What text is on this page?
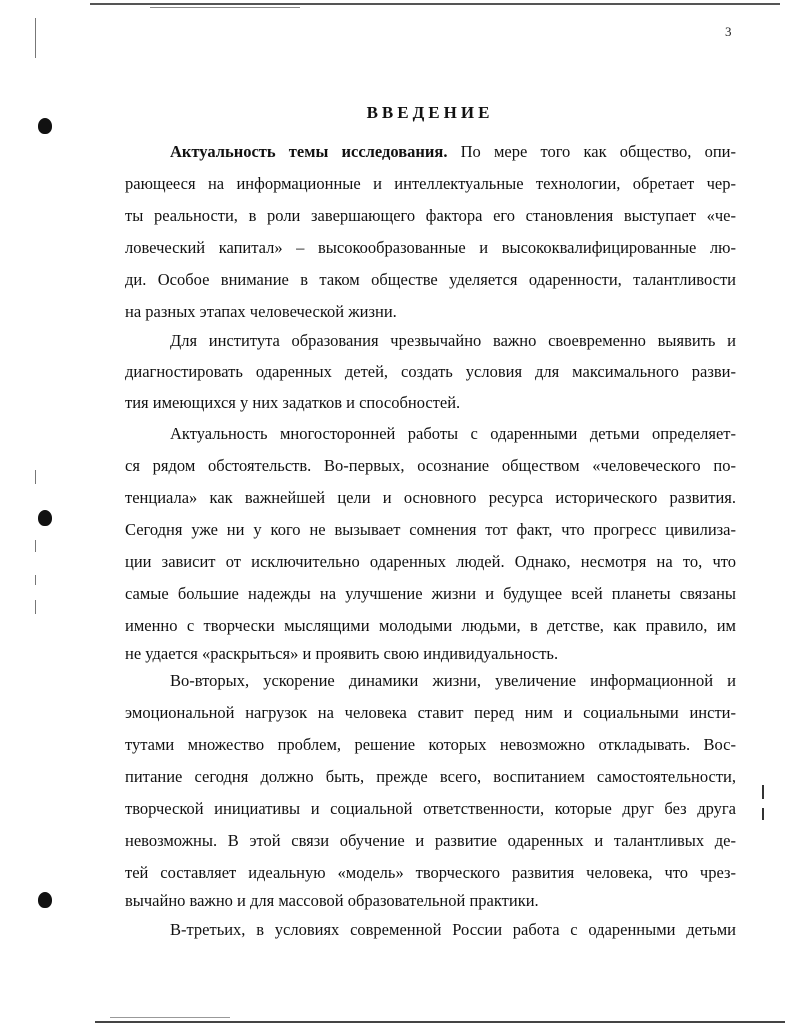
3
ВВЕДЕНИЕ
Актуальность темы исследования. По мере того как общество, опи-
рающееся на информационные и интеллектуальные технологии, обретает чер-
ты реальности, в роли завершающего фактора его становления выступает «че-
ловеческий капитал» – высокообразованные и высококвалифицированные лю-
ди. Особое внимание в таком обществе уделяется одаренности, талантливости
на разных этапах человеческой жизни.
Для института образования чрезвычайно важно своевременно выявить и
диагностировать одаренных детей, создать условия для максимального разви-
тия имеющихся у них задатков и способностей.
Актуальность многосторонней работы с одаренными детьми определяет-
ся рядом обстоятельств. Во-первых, осознание обществом «человеческого по-
тенциала» как важнейшей цели и основного ресурса исторического развития.
Сегодня уже ни у кого не вызывает сомнения тот факт, что прогресс цивилиза-
ции зависит от исключительно одаренных людей. Однако, несмотря на то, что
самые большие надежды на улучшение жизни и будущее всей планеты связаны
именно с творчески мыслящими молодыми людьми, в детстве, как правило, им
не удается «раскрыться» и проявить свою индивидуальность.
Во-вторых, ускорение динамики жизни, увеличение информационной и
эмоциональной нагрузок на человека ставит перед ним и социальными инсти-
тутами множество проблем, решение которых невозможно откладывать. Вос-
питание сегодня должно быть, прежде всего, воспитанием самостоятельности,
творческой инициативы и социальной ответственности, которые друг без друга
невозможны. В этой связи обучение и развитие одаренных и талантливых де-
тей составляет идеальную «модель» творческого развития человека, что чрез-
вычайно важно и для массовой образовательной практики.
В-третьих, в условиях современной России работа с одаренными детьми
